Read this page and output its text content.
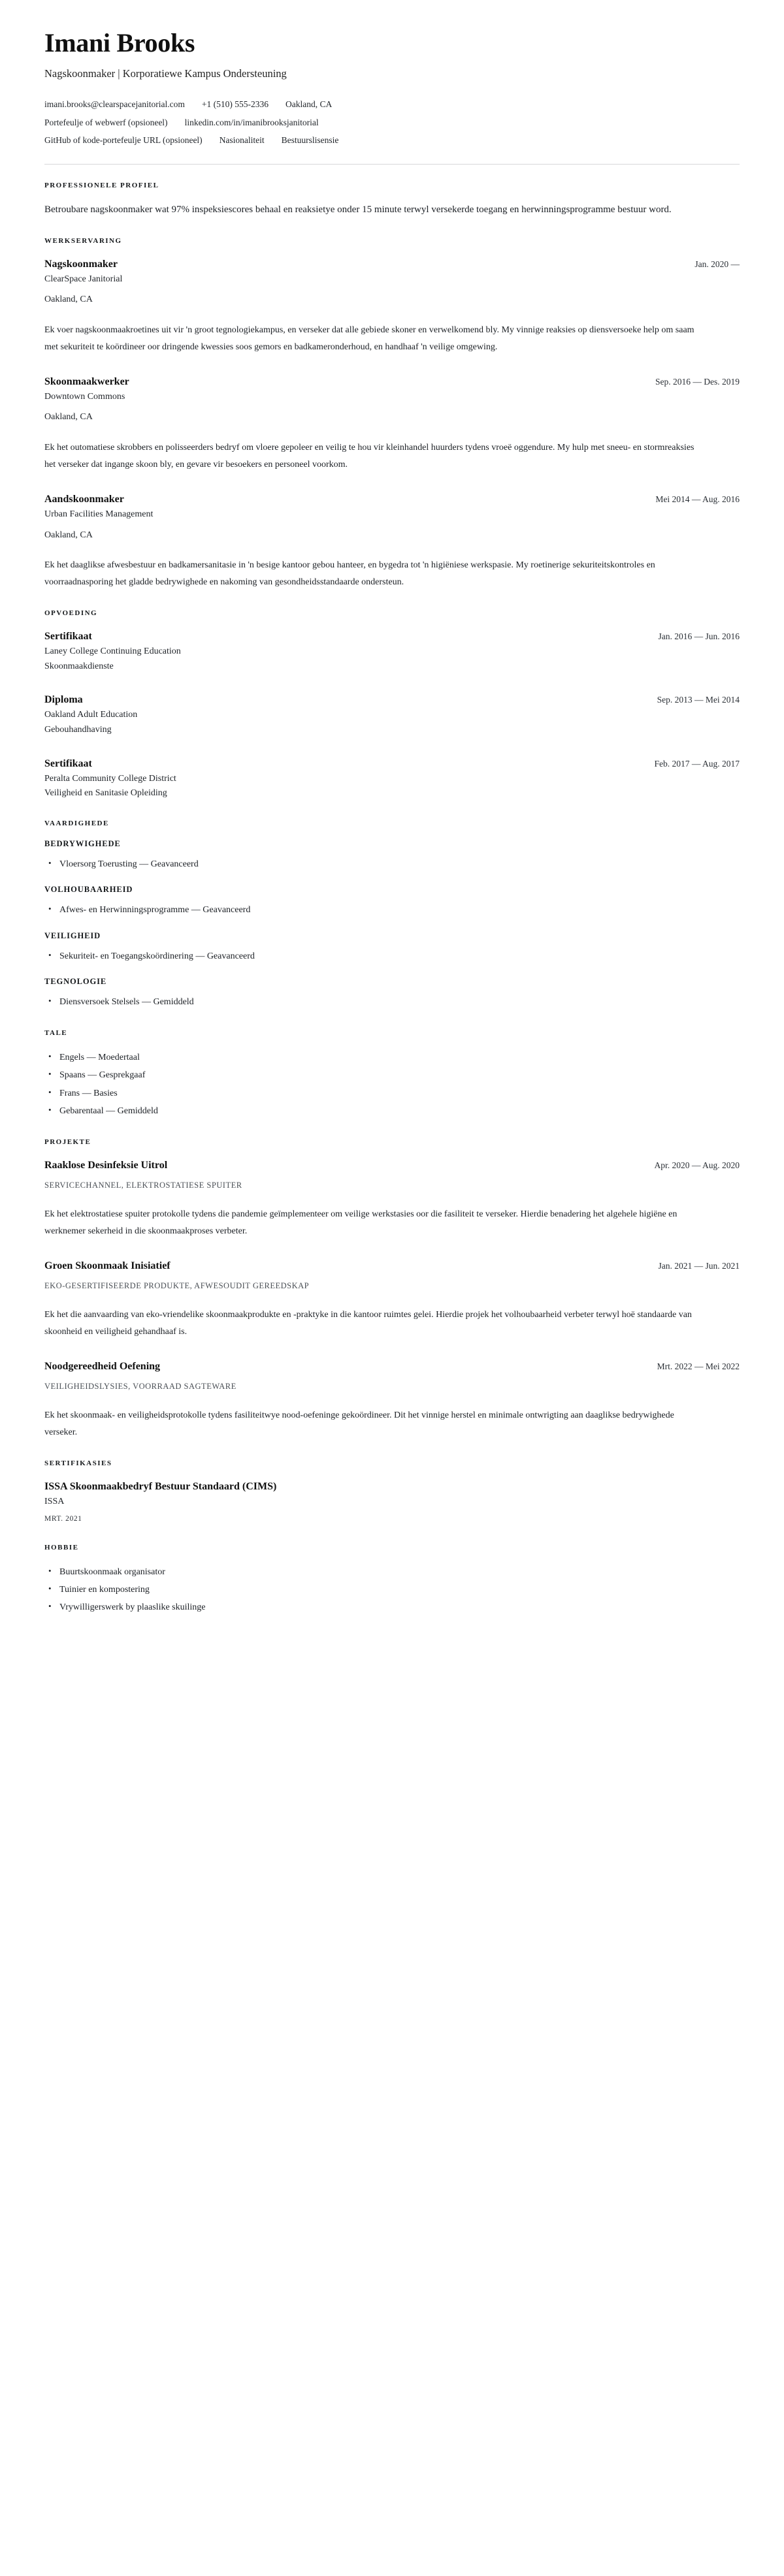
Imani Brooks
Nagskoonmaker | Korporatiewe Kampus Ondersteuning
imani.brooks@clearspacejanitorial.com +1 (510) 555-2336 Oakland, CA
Portefeulje of webwerf (opsioneel) linkedin.com/in/imanibrooksjanitorial
GitHub of kode-portefeulje URL (opsioneel) Nasionaliteit Bestuurslisensie
PROFESSIONELE PROFIEL

Betroubare nagskoonmaker wat 97% inspeksiescores behaal en reaksietye onder 15 minute terwyl versekerde toegang en herwinningsprogramme bestuur word.

WERKSERVARING
Nagskoonmaker	Jan. 2020 —
ClearSpace Janitorial
Oakland, CA

Ek voer nagskoonmaakroetines uit vir 'n groot tegnologiekampus, en verseker dat alle gebiede skoner en verwelkomend bly. My vinnige reaksies op diensversoeke help om saam met sekuriteit te koördineer oor dringende kwessies soos gemors en badkameronderhoud, en handhaaf 'n veilige omgewing.

Skoonmaakwerker	Sep. 2016 — Des. 2019
Downtown Commons
Oakland, CA

Ek het outomatiese skrobbers en polisseerders bedryf om vloere gepoleer en veilig te hou vir kleinhandel huurders tydens vroeë oggendure. My hulp met sneeu- en stormreaksies het verseker dat ingange skoon bly, en gevare vir besoekers en personeel voorkom.

Aandskoonmaker	Mei 2014 — Aug. 2016
Urban Facilities Management
Oakland, CA

Ek het daaglikse afwesbestuur en badkamersanitasie in 'n besige kantoor gebou hanteer, en bygedra tot 'n higiëniese werkspasie. My roetinerige sekuriteitskontroles en voorraadnasporing het gladde bedrywighede en nakoming van gesondheidsstandaarde ondersteun.

OPVOEDING
Sertifikaat	Jan. 2016 — Jun. 2016
Laney College Continuing Education
Skoonmaakdienste
Diploma	Sep. 2013 — Mei 2014
Oakland Adult Education
Gebouhandhaving
Sertifikaat	Feb. 2017 — Aug. 2017
Peralta Community College District
Veiligheid en Sanitasie Opleiding
VAARDIGHEDE
BEDRYWIGHEDE
• Vloersorg Toerusting — Geavanceerd
VOLHOUBAARHEID
• Afwes- en Herwinningsprogramme — Geavanceerd
VEILIGHEID
• Sekuriteit- en Toegangskoördinering — Geavanceerd
TEGNOLOGIE
• Diensversoek Stelsels — Gemiddeld
TALE
• Engels — Moedertaal
• Spaans — Gesprekgaaf
• Frans — Basies
• Gebarentaal — Gemiddeld
PROJEKTE
Raaklose Desinfeksie Uitrol	Apr. 2020 — Aug. 2020
SERVICECHANNEL, ELEKTROSTATIESE SPUITER

Ek het elektrostatiese spuiter protokolle tydens die pandemie geïmplementeer om veilige werkstasies oor die fasiliteit te verseker. Hierdie benadering het algehele higiëne en werknemer sekerheid in die skoonmaakproses verbeter.

Groen Skoonmaak Inisiatief	Jan. 2021 — Jun. 2021
EKO-GESERTIFISEERDE PRODUKTE, AFWESOUDIT GEREEDSKAP

Ek het die aanvaarding van eko-vriendelike skoonmaakprodukte en -praktyke in die kantoor ruimtes gelei. Hierdie projek het volhoubaarheid verbeter terwyl hoë standaarde van skoonheid en veiligheid gehandhaaf is.

Noodgereedheid Oefening	Mrt. 2022 — Mei 2022
VEILIGHEIDSLYSIES, VOORRAAD SAGTEWARE

Ek het skoonmaak- en veiligheidsprotokolle tydens fasiliteitwye nood-oefeninge gekoördineer. Dit het vinnige herstel en minimale ontwrigting aan daaglikse bedrywighede verseker.

SERTIFIKASIES
ISSA Skoonmaakbedryf Bestuur Standaard (CIMS)
ISSA
MRT. 2021
HOBBIE
• Buurtskoonmaak organisator
• Tuinier en kompostering
• Vrywilligerswerk by plaaslike skuilinge
